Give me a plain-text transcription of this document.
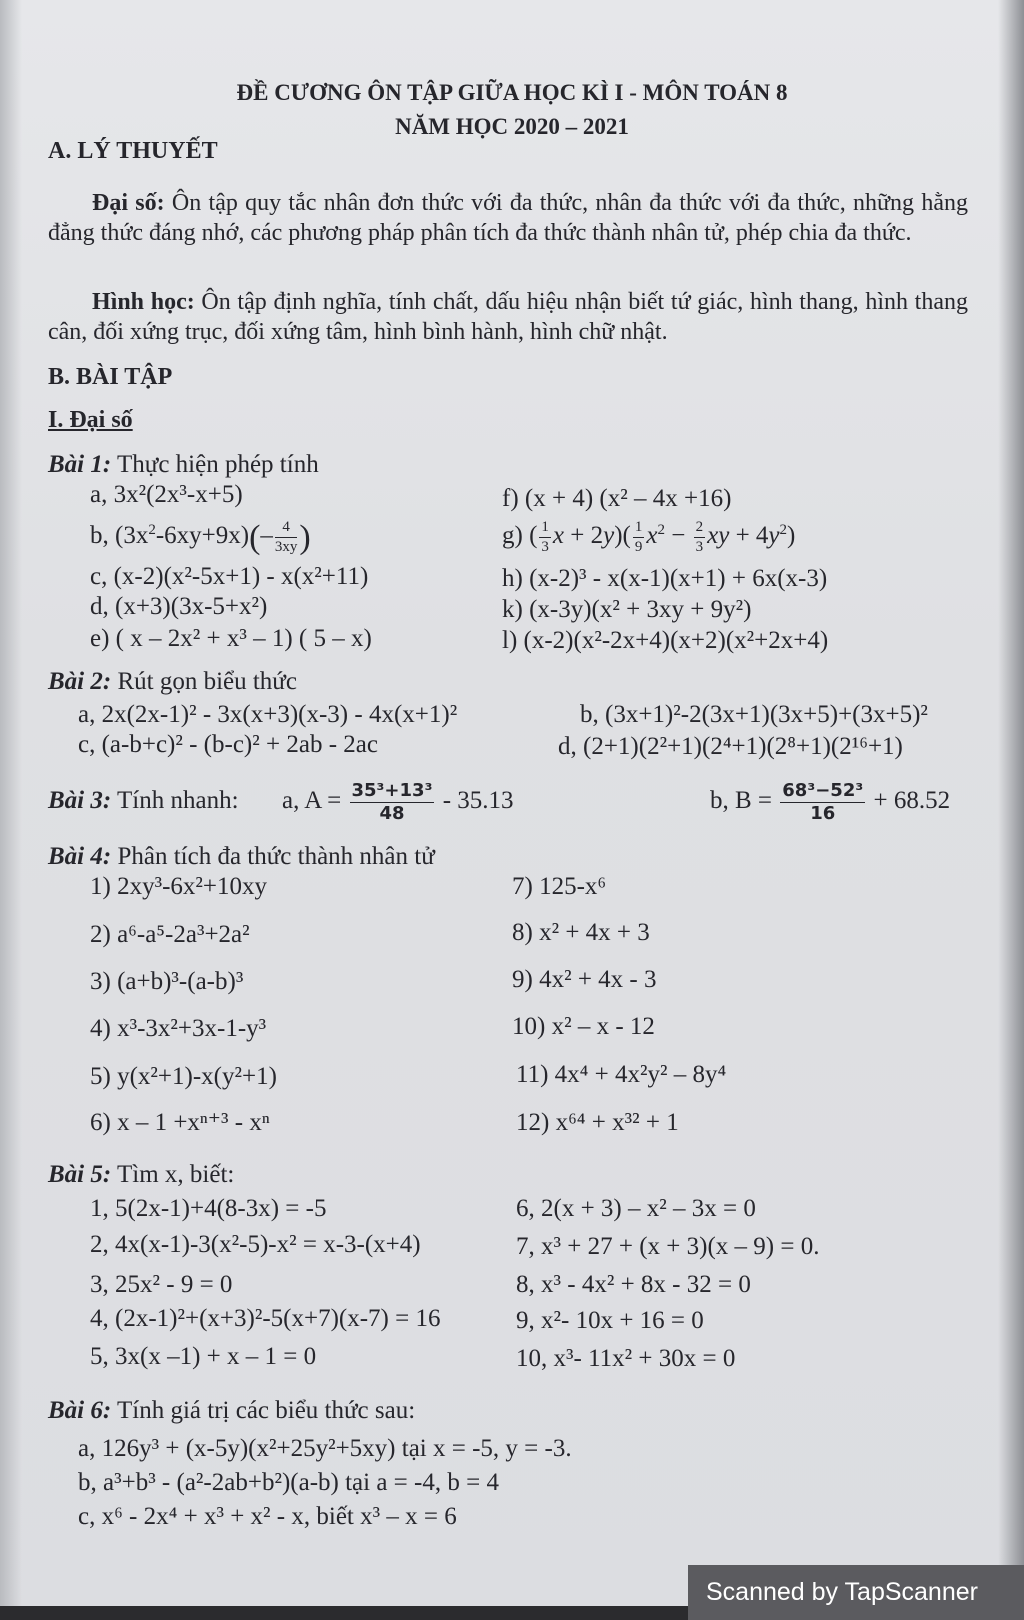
ĐỀ CƯƠNG ÔN TẬP GIỮA HỌC KÌ I - MÔN TOÁN 8
NĂM HỌC 2020 – 2021
A. LÝ THUYẾT
Đại số: Ôn tập quy tắc nhân đơn thức với đa thức, nhân đa thức với đa thức, những hằng đẳng thức đáng nhớ, các phương pháp phân tích đa thức thành nhân tử, phép chia đa thức.
Hình học: Ôn tập định nghĩa, tính chất, dấu hiệu nhận biết tứ giác, hình thang, hình thang cân, đối xứng trục, đối xứng tâm, hình bình hành, hình chữ nhật.
B. BÀI TẬP
I. Đại số
Bài 1: Thực hiện phép tính
a, 3x²(2x³-x+5)
b, $(3x^2-6xy+9x)(- \frac{4}{3xy}$ )
c, (x-2)(x²-5x+1) - x(x²+11)
d, (x+3)(3x-5+x²)
e) ( x – 2x² + x³ – 1) ( 5 – x)
f) (x + 4) (x² – 4x +16)
g) ( $\frac{1}{3}$ $x + 2y)( \frac{1}{9} x^2 - \frac{2}{3}$ xy + $4y^2$)
h) (x-2)³ - x(x-1)(x+1) + 6x(x-3)
k) (x-3y)(x² + 3xy + 9y²)
l) (x-2)(x²-2x+4)(x+2)(x²+2x+4)
Bài 2: Rút gọn biểu thức
a, 2x(2x-1)² - 3x(x+3)(x-3) - 4x(x+1)²	b, (3x+1)²-2(3x+1)(3x+5)+(3x+5)²
c, (a-b+c)² - (b-c)² + 2ab - 2ac	d, (2+1)(2²+1)(2⁴+1)(2⁸+1)(2¹⁶+1)
Bài 3: Tính nhanh: a, $A = \frac{\text{35³+13³}}{48} - 35.13$	b, $B = \frac{\text{68³−52³}}{16} + 68.52$
Bài 4: Phân tích đa thức thành nhân tử
1) 2xy³-6x²+10xy
2) a⁶-a⁵-2a³+2a²
3) (a+b)³-(a-b)³
4) x³-3x²+3x-1-y³
5) y(x²+1)-x(y²+1)
6) x – 1 +xⁿ⁺³ - xⁿ
7) 125-x⁶
8) x² + 4x + 3
9) 4x² + 4x - 3
10) x² – x - 12
11) 4x⁴ + 4x²y² – 8y⁴
12) x⁶⁴ + x³² + 1
Bài 5: Tìm x, biết:
1, 5(2x-1)+4(8-3x) = -5
2, 4x(x-1)-3(x²-5)-x² = x-3-(x+4)
3, 25x² - 9 = 0
4, (2x-1)²+(x+3)²-5(x+7)(x-7) = 16
5, 3x(x –1) + x – 1 = 0
6, 2(x + 3) – x² – 3x = 0
7, x³ + 27 + (x + 3)(x – 9) = 0.
8, x³ - 4x² + 8x - 32 = 0
9, x²- 10x + 16 = 0
10, x³- 11x² + 30x = 0
Bài 6: Tính giá trị các biểu thức sau:
a, 126y³ + (x-5y)(x²+25y²+5xy) tại x = -5, y = -3.
b, a³+b³ - (a²-2ab+b²)(a-b) tại a = -4, b = 4
c, x⁶ - 2x⁴ + x³ + x² - x, biết x³ – x = 6
Scanned by TapScanner
